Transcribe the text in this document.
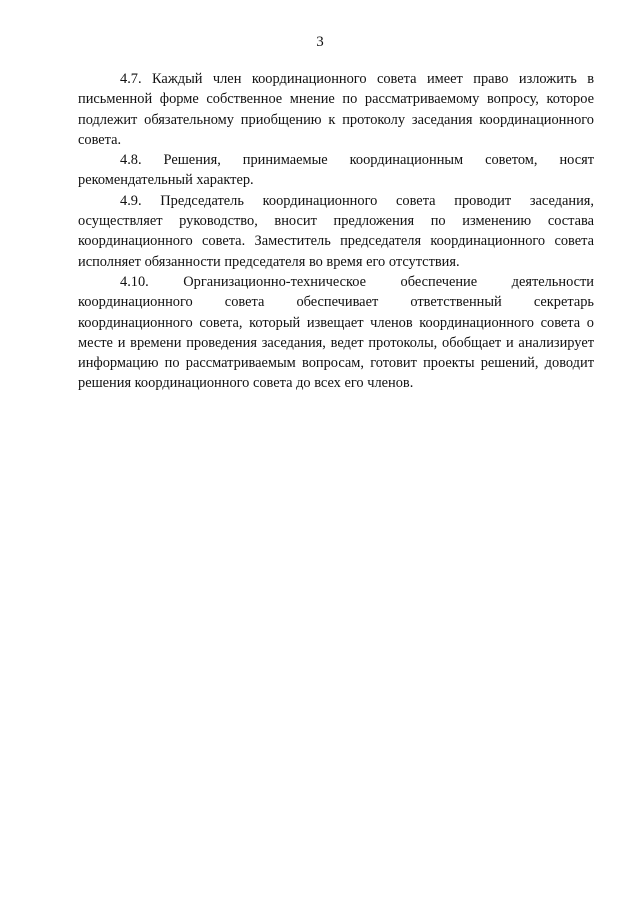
3

4.7. Каждый член координационного совета имеет право изложить в письменной форме собственное мнение по рассматриваемому вопросу, которое подлежит обязательному приобщению к протоколу заседания координационного совета.

4.8. Решения, принимаемые координационным советом, носят рекомендательный характер.

4.9. Председатель координационного совета проводит заседания, осуществляет руководство, вносит предложения по изменению состава координационного совета. Заместитель председателя координационного совета исполняет обязанности председателя во время его отсутствия.

4.10. Организационно-техническое обеспечение деятельности координационного совета обеспечивает ответственный секретарь координационного совета, который извещает членов координационного совета о месте и времени проведения заседания, ведет протоколы, обобщает и анализирует информацию по рассматриваемым вопросам, готовит проекты решений, доводит решения координационного совета до всех его членов.
